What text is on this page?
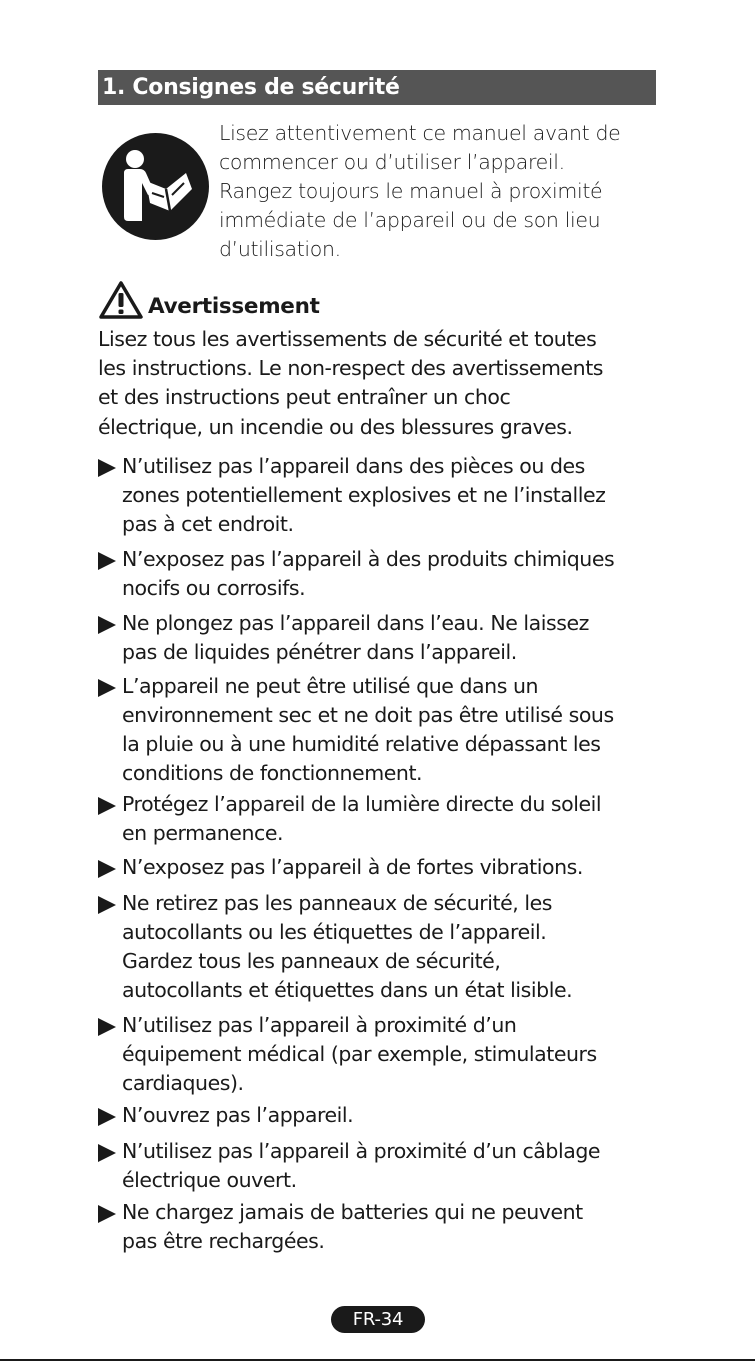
1. Consignes de sécurité
Lisez attentivement ce manuel avant de
commencer ou d’utiliser l’appareil.
Rangez toujours le manuel à proximité
immédiate de l’appareil ou de son lieu
d’utilisation.
Avertissement
Lisez tous les avertissements de sécurité et toutes
les instructions. Le non-respect des avertissements
et des instructions peut entraîner un choc
électrique, un incendie ou des blessures graves.
N’utilisez pas l’appareil dans des pièces ou des
zones potentiellement explosives et ne l’installez
pas à cet endroit.
N’exposez pas l’appareil à des produits chimiques
nocifs ou corrosifs.
Ne plongez pas l’appareil dans l’eau. Ne laissez
pas de liquides pénétrer dans l’appareil.
L’appareil ne peut être utilisé que dans un
environnement sec et ne doit pas être utilisé sous
la pluie ou à une humidité relative dépassant les
conditions de fonctionnement.
Protégez l’appareil de la lumière directe du soleil
en permanence.
N’exposez pas l’appareil à de fortes vibrations.
Ne retirez pas les panneaux de sécurité, les
autocollants ou les étiquettes de l’appareil.
Gardez tous les panneaux de sécurité,
autocollants et étiquettes dans un état lisible.
N’utilisez pas l’appareil à proximité d’un
équipement médical (par exemple, stimulateurs
cardiaques).
N’ouvrez pas l’appareil.
N’utilisez pas l’appareil à proximité d’un câblage
électrique ouvert.
Ne chargez jamais de batteries qui ne peuvent
pas être rechargées.
FR-34
